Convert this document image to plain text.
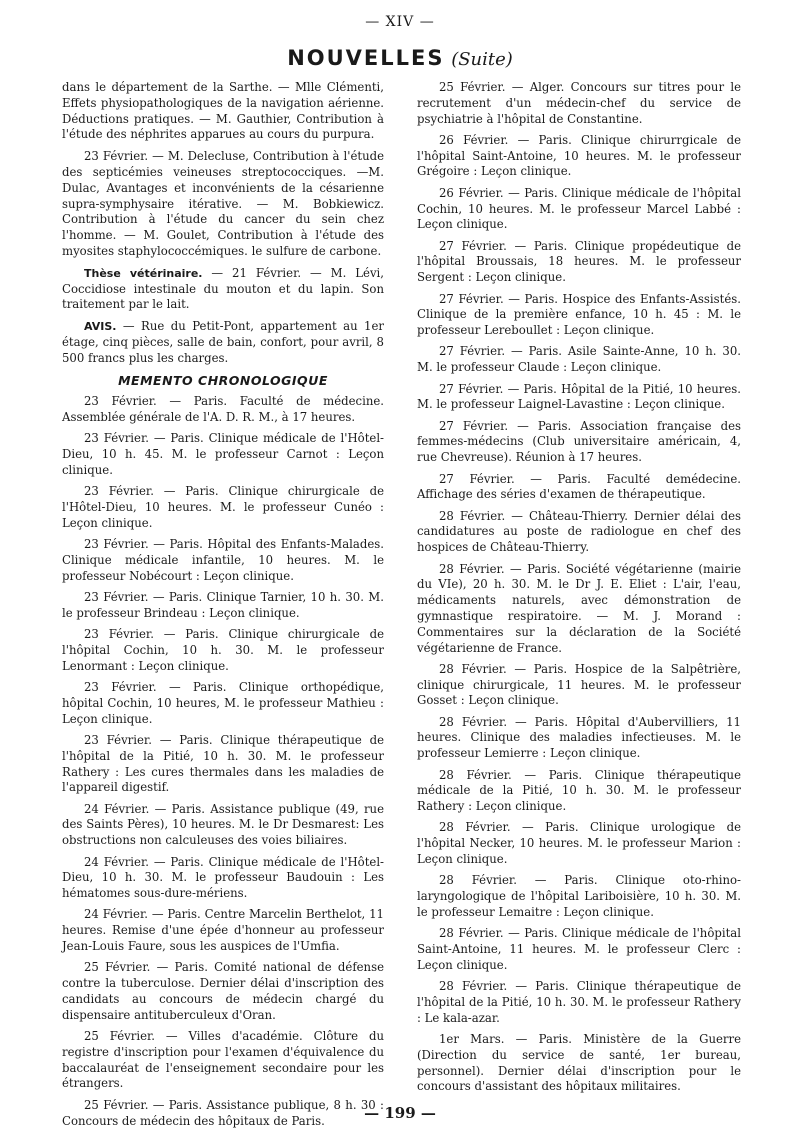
— XIV —
NOUVELLES (Suite)

dans le département de la Sarthe. — Mlle Clémenti, Effets physiopathologiques de la navigation aérienne. Déductions pratiques. — M. Gauthier, Contribution à l'étude des néphrites apparues au cours du purpura.

23 Février. — M. Delecluse, Contribution à l'étude des septicémies veineuses streptococciques. —M. Dulac, Avantages et inconvénients de la césarienne supra-symphysaire itérative. — M. Bobkiewicz. Contribution à l'étude du cancer du sein chez l'homme. — M. Goulet, Contribution à l'étude des myosites staphylococcémiques. le sulfure de carbone.

Thèse vétérinaire. — 21 Février. — M. Lévi, Coccidiose intestinale du mouton et du lapin. Son traitement par le lait.

AVIS. — Rue du Petit-Pont, appartement au 1er étage, cinq pièces, salle de bain, confort, pour avril, 8 500 francs plus les charges.

MEMENTO CHRONOLOGIQUE

23 Février. — Paris. Faculté de médecine. Assemblée générale de l'A. D. R. M., à 17 heures.

23 Février. — Paris. Clinique médicale de l'Hôtel-Dieu, 10 h. 45. M. le professeur Carnot : Leçon clinique.

23 Février. — Paris. Clinique chirurgicale de l'Hôtel-Dieu, 10 heures. M. le professeur Cunéo : Leçon clinique.

23 Février. — Paris. Hôpital des Enfants-Malades. Clinique médicale infantile, 10 heures. M. le professeur Nobécourt : Leçon clinique.

23 Février. — Paris. Clinique Tarnier, 10 h. 30. M. le professeur Brindeau : Leçon clinique.

23 Février. — Paris. Clinique chirurgicale de l'hôpital Cochin, 10 h. 30. M. le professeur Lenormant : Leçon clinique.

23 Février. — Paris. Clinique orthopédique, hôpital Cochin, 10 heures, M. le professeur Mathieu : Leçon clinique.

23 Février. — Paris. Clinique thérapeutique de l'hôpital de la Pitié, 10 h. 30. M. le professeur Rathery : Les cures thermales dans les maladies de l'appareil digestif.

24 Février. — Paris. Assistance publique (49, rue des Saints Pères), 10 heures. M. le Dr Desmarest: Les obstructions non calculeuses des voies biliaires.

24 Février. — Paris. Clinique médicale de l'Hôtel-Dieu, 10 h. 30. M. le professeur Baudouin : Les hématomes sous-dure-mériens.

24 Février. — Paris. Centre Marcelin Berthelot, 11 heures. Remise d'une épée d'honneur au professeur Jean-Louis Faure, sous les auspices de l'Umfia.

25 Février. — Paris. Comité national de défense contre la tuberculose. Dernier délai d'inscription des candidats au concours de médecin chargé du dispensaire antituberculeux d'Oran.

25 Février. — Villes d'académie. Clôture du registre d'inscription pour l'examen d'équivalence du baccalauréat de l'enseignement secondaire pour les étrangers.

25 Février. — Paris. Assistance publique, 8 h. 30 : Concours de médecin des hôpitaux de Paris.

25 Février. — Alger. Concours sur titres pour le recrutement d'un médecin-chef du service de psychiatrie à l'hôpital de Constantine.

26 Février. — Paris. Clinique chirurrgicale de l'hôpital Saint-Antoine, 10 heures. M. le professeur Grégoire : Leçon clinique.

26 Février. — Paris. Clinique médicale de l'hôpital Cochin, 10 heures. M. le professeur Marcel Labbé : Leçon clinique.

27 Février. — Paris. Clinique propédeutique de l'hôpital Broussais, 18 heures. M. le professeur Sergent : Leçon clinique.

27 Février. — Paris. Hospice des Enfants-Assistés. Clinique de la première enfance, 10 h. 45 : M. le professeur Lereboullet : Leçon clinique.

27 Février. — Paris. Asile Sainte-Anne, 10 h. 30. M. le professeur Claude : Leçon clinique.

27 Février. — Paris. Hôpital de la Pitié, 10 heures. M. le professeur Laignel-Lavastine : Leçon clinique.

27 Février. — Paris. Association française des femmes-médecins (Club universitaire américain, 4, rue Chevreuse). Réunion à 17 heures.

27 Février. — Paris. Faculté demédecine. Affichage des séries d'examen de thérapeutique.

28 Février. — Château-Thierry. Dernier délai des candidatures au poste de radiologue en chef des hospices de Château-Thierry.

28 Février. — Paris. Société végétarienne (mairie du VIe), 20 h. 30. M. le Dr J. E. Eliet : L'air, l'eau, médicaments naturels, avec démonstration de gymnastique respiratoire. — M. J. Morand : Commentaires sur la déclaration de la Société végétarienne de France.

28 Février. — Paris. Hospice de la Salpêtrière, clinique chirurgicale, 11 heures. M. le professeur Gosset : Leçon clinique.

28 Février. — Paris. Hôpital d'Aubervilliers, 11 heures. Clinique des maladies infectieuses. M. le professeur Lemierre : Leçon clinique.

28 Février. — Paris. Clinique thérapeutique médicale de la Pitié, 10 h. 30. M. le professeur Rathery : Leçon clinique.

28 Février. — Paris. Clinique urologique de l'hôpital Necker, 10 heures. M. le professeur Marion : Leçon clinique.

28 Février. — Paris. Clinique oto-rhino-laryngologique de l'hôpital Lariboisière, 10 h. 30. M. le professeur Lemaitre : Leçon clinique.

28 Février. — Paris. Clinique médicale de l'hôpital Saint-Antoine, 11 heures. M. le professeur Clerc : Leçon clinique.

28 Février. — Paris. Clinique thérapeutique de l'hôpital de la Pitié, 10 h. 30. M. le professeur Rathery : Le kala-azar.

1er Mars. — Paris. Ministère de la Guerre (Direction du service de santé, 1er bureau, personnel). Dernier délai d'inscription pour le concours d'assistant des hôpitaux militaires.

— 199 —
